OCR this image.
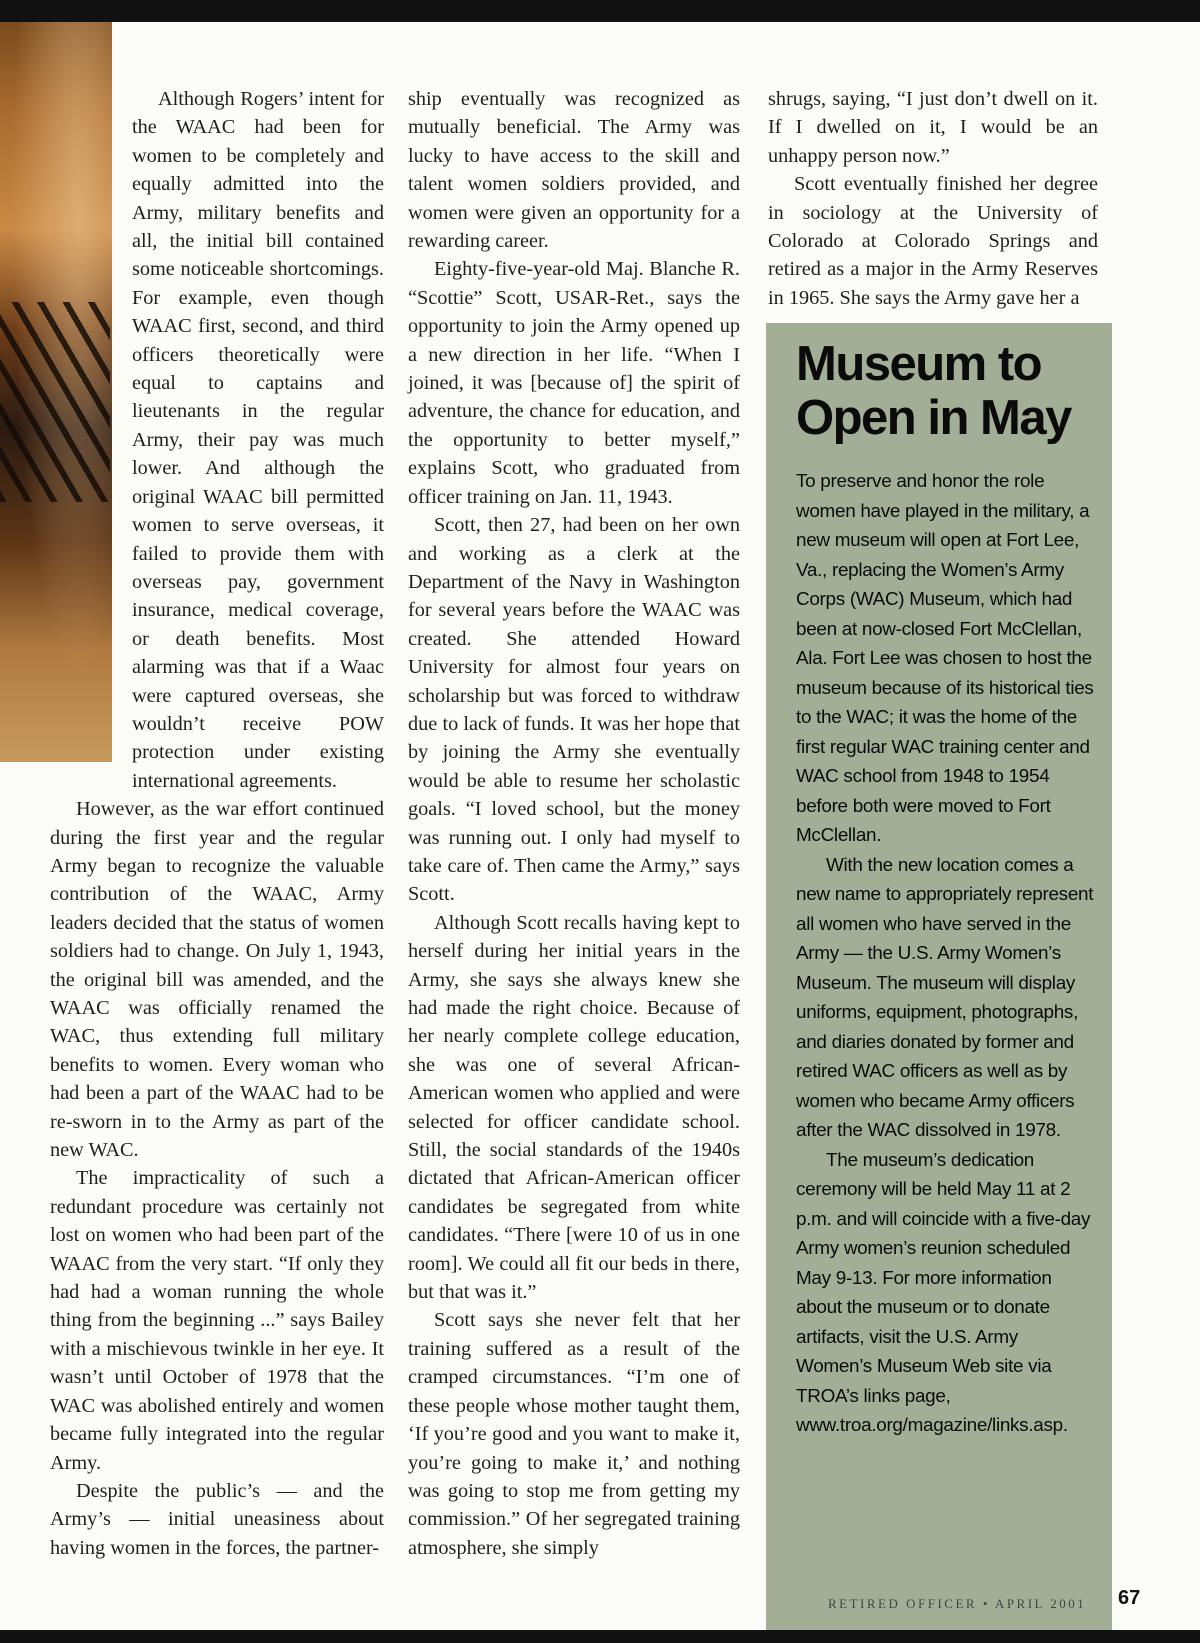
Although Rogers’ intent for the WAAC had been for women to be completely and equally admitted into the Army, military benefits and all, the initial bill contained some noticeable shortcomings. For example, even though WAAC first, second, and third officers theoretically were equal to captains and lieutenants in the regular Army, their pay was much lower. And although the original WAAC bill permitted women to serve overseas, it failed to provide them with overseas pay, government insurance, medical coverage, or death benefits. Most alarming was that if a Waac were captured overseas, she wouldn’t receive POW protection under existing international agreements.

However, as the war effort continued during the first year and the regular Army began to recognize the valuable contribution of the WAAC, Army leaders decided that the status of women soldiers had to change. On July 1, 1943, the original bill was amended, and the WAAC was officially renamed the WAC, thus extending full military benefits to women. Every woman who had been a part of the WAAC had to be re-sworn in to the Army as part of the new WAC.

The impracticality of such a redundant procedure was certainly not lost on women who had been part of the WAAC from the very start. “If only they had had a woman running the whole thing from the beginning ...” says Bailey with a mischievous twinkle in her eye. It wasn’t until October of 1978 that the WAC was abolished entirely and women became fully integrated into the regular Army.

Despite the public’s — and the Army’s — initial uneasiness about having women in the forces, the partner-

ship eventually was recognized as mutually beneficial. The Army was lucky to have access to the skill and talent women soldiers provided, and women were given an opportunity for a rewarding career.

Eighty-five-year-old Maj. Blanche R. “Scottie” Scott, USAR-Ret., says the opportunity to join the Army opened up a new direction in her life. “When I joined, it was [because of] the spirit of adventure, the chance for education, and the opportunity to better myself,” explains Scott, who graduated from officer training on Jan. 11, 1943.

Scott, then 27, had been on her own and working as a clerk at the Department of the Navy in Washington for several years before the WAAC was created. She attended Howard University for almost four years on scholarship but was forced to withdraw due to lack of funds. It was her hope that by joining the Army she eventually would be able to resume her scholastic goals. “I loved school, but the money was running out. I only had myself to take care of. Then came the Army,” says Scott.

Although Scott recalls having kept to herself during her initial years in the Army, she says she always knew she had made the right choice. Because of her nearly complete college education, she was one of several African-American women who applied and were selected for officer candidate school. Still, the social standards of the 1940s dictated that African-American officer candidates be segregated from white candidates. “There [were 10 of us in one room]. We could all fit our beds in there, but that was it.”

Scott says she never felt that her training suffered as a result of the cramped circumstances. “I’m one of these people whose mother taught them, ‘If you’re good and you want to make it, you’re going to make it,’ and nothing was going to stop me from getting my commission.” Of her segregated training atmosphere, she simply

shrugs, saying, “I just don’t dwell on it. If I dwelled on it, I would be an unhappy person now.”

Scott eventually finished her degree in sociology at the University of Colorado at Colorado Springs and retired as a major in the Army Reserves in 1965. She says the Army gave her a

Museum to Open in May

To preserve and honor the role women have played in the military, a new museum will open at Fort Lee, Va., replacing the Women’s Army Corps (WAC) Museum, which had been at now-closed Fort McClellan, Ala. Fort Lee was chosen to host the museum because of its historical ties to the WAC; it was the home of the first regular WAC training center and WAC school from 1948 to 1954 before both were moved to Fort McClellan.

With the new location comes a new name to appropriately represent all women who have served in the Army — the U.S. Army Women’s Museum. The museum will display uniforms, equipment, photographs, and diaries donated by former and retired WAC officers as well as by women who became Army officers after the WAC dissolved in 1978.

The museum’s dedication ceremony will be held May 11 at 2 p.m. and will coincide with a five-day Army women’s reunion scheduled May 9-13. For more information about the museum or to donate artifacts, visit the U.S. Army Women’s Museum Web site via TROA’s links page, www.troa.org/magazine/links.asp.

RETIRED OFFICER • APRIL 2001 67
